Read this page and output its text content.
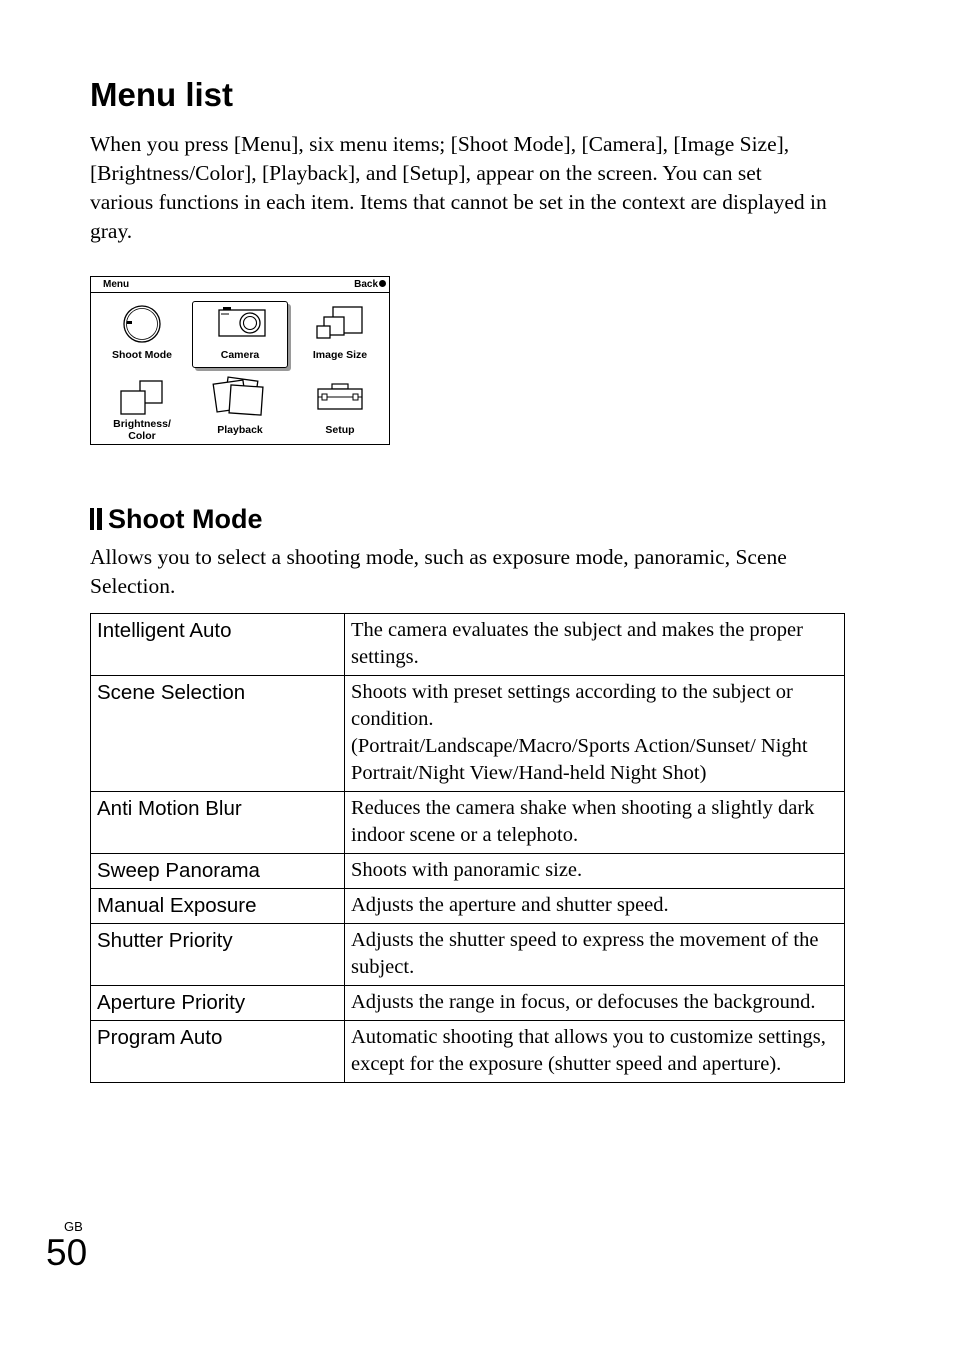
Menu list

When you press [Menu], six menu items; [Shoot Mode], [Camera], [Image Size], [Brightness/Color], [Playback], and [Setup], appear on the screen. You can set various functions in each item. Items that cannot be set in the context are displayed in gray.

Menu	Back
Shoot Mode	Camera	Image Size
Brightness/
Color	Playback	Setup
Shoot Mode

Allows you to select a shooting mode, such as exposure mode, panoramic, Scene Selection.

Intelligent Auto	The camera evaluates the subject and makes the proper settings.
Scene Selection	Shoots with preset settings according to the subject or condition.
(Portrait/Landscape/Macro/Sports Action/Sunset/ Night Portrait/Night View/Hand-held Night Shot)

Anti Motion Blur	Reduces the camera shake when shooting a slightly dark indoor scene or a telephoto.
Sweep Panorama	Shoots with panoramic size.
Manual Exposure	Adjusts the aperture and shutter speed.
Shutter Priority	Adjusts the shutter speed to express the movement of the subject.
Aperture Priority	Adjusts the range in focus, or defocuses the background.
Program Auto	Automatic shooting that allows you to customize settings, except for the exposure (shutter speed and aperture).
GB
50
